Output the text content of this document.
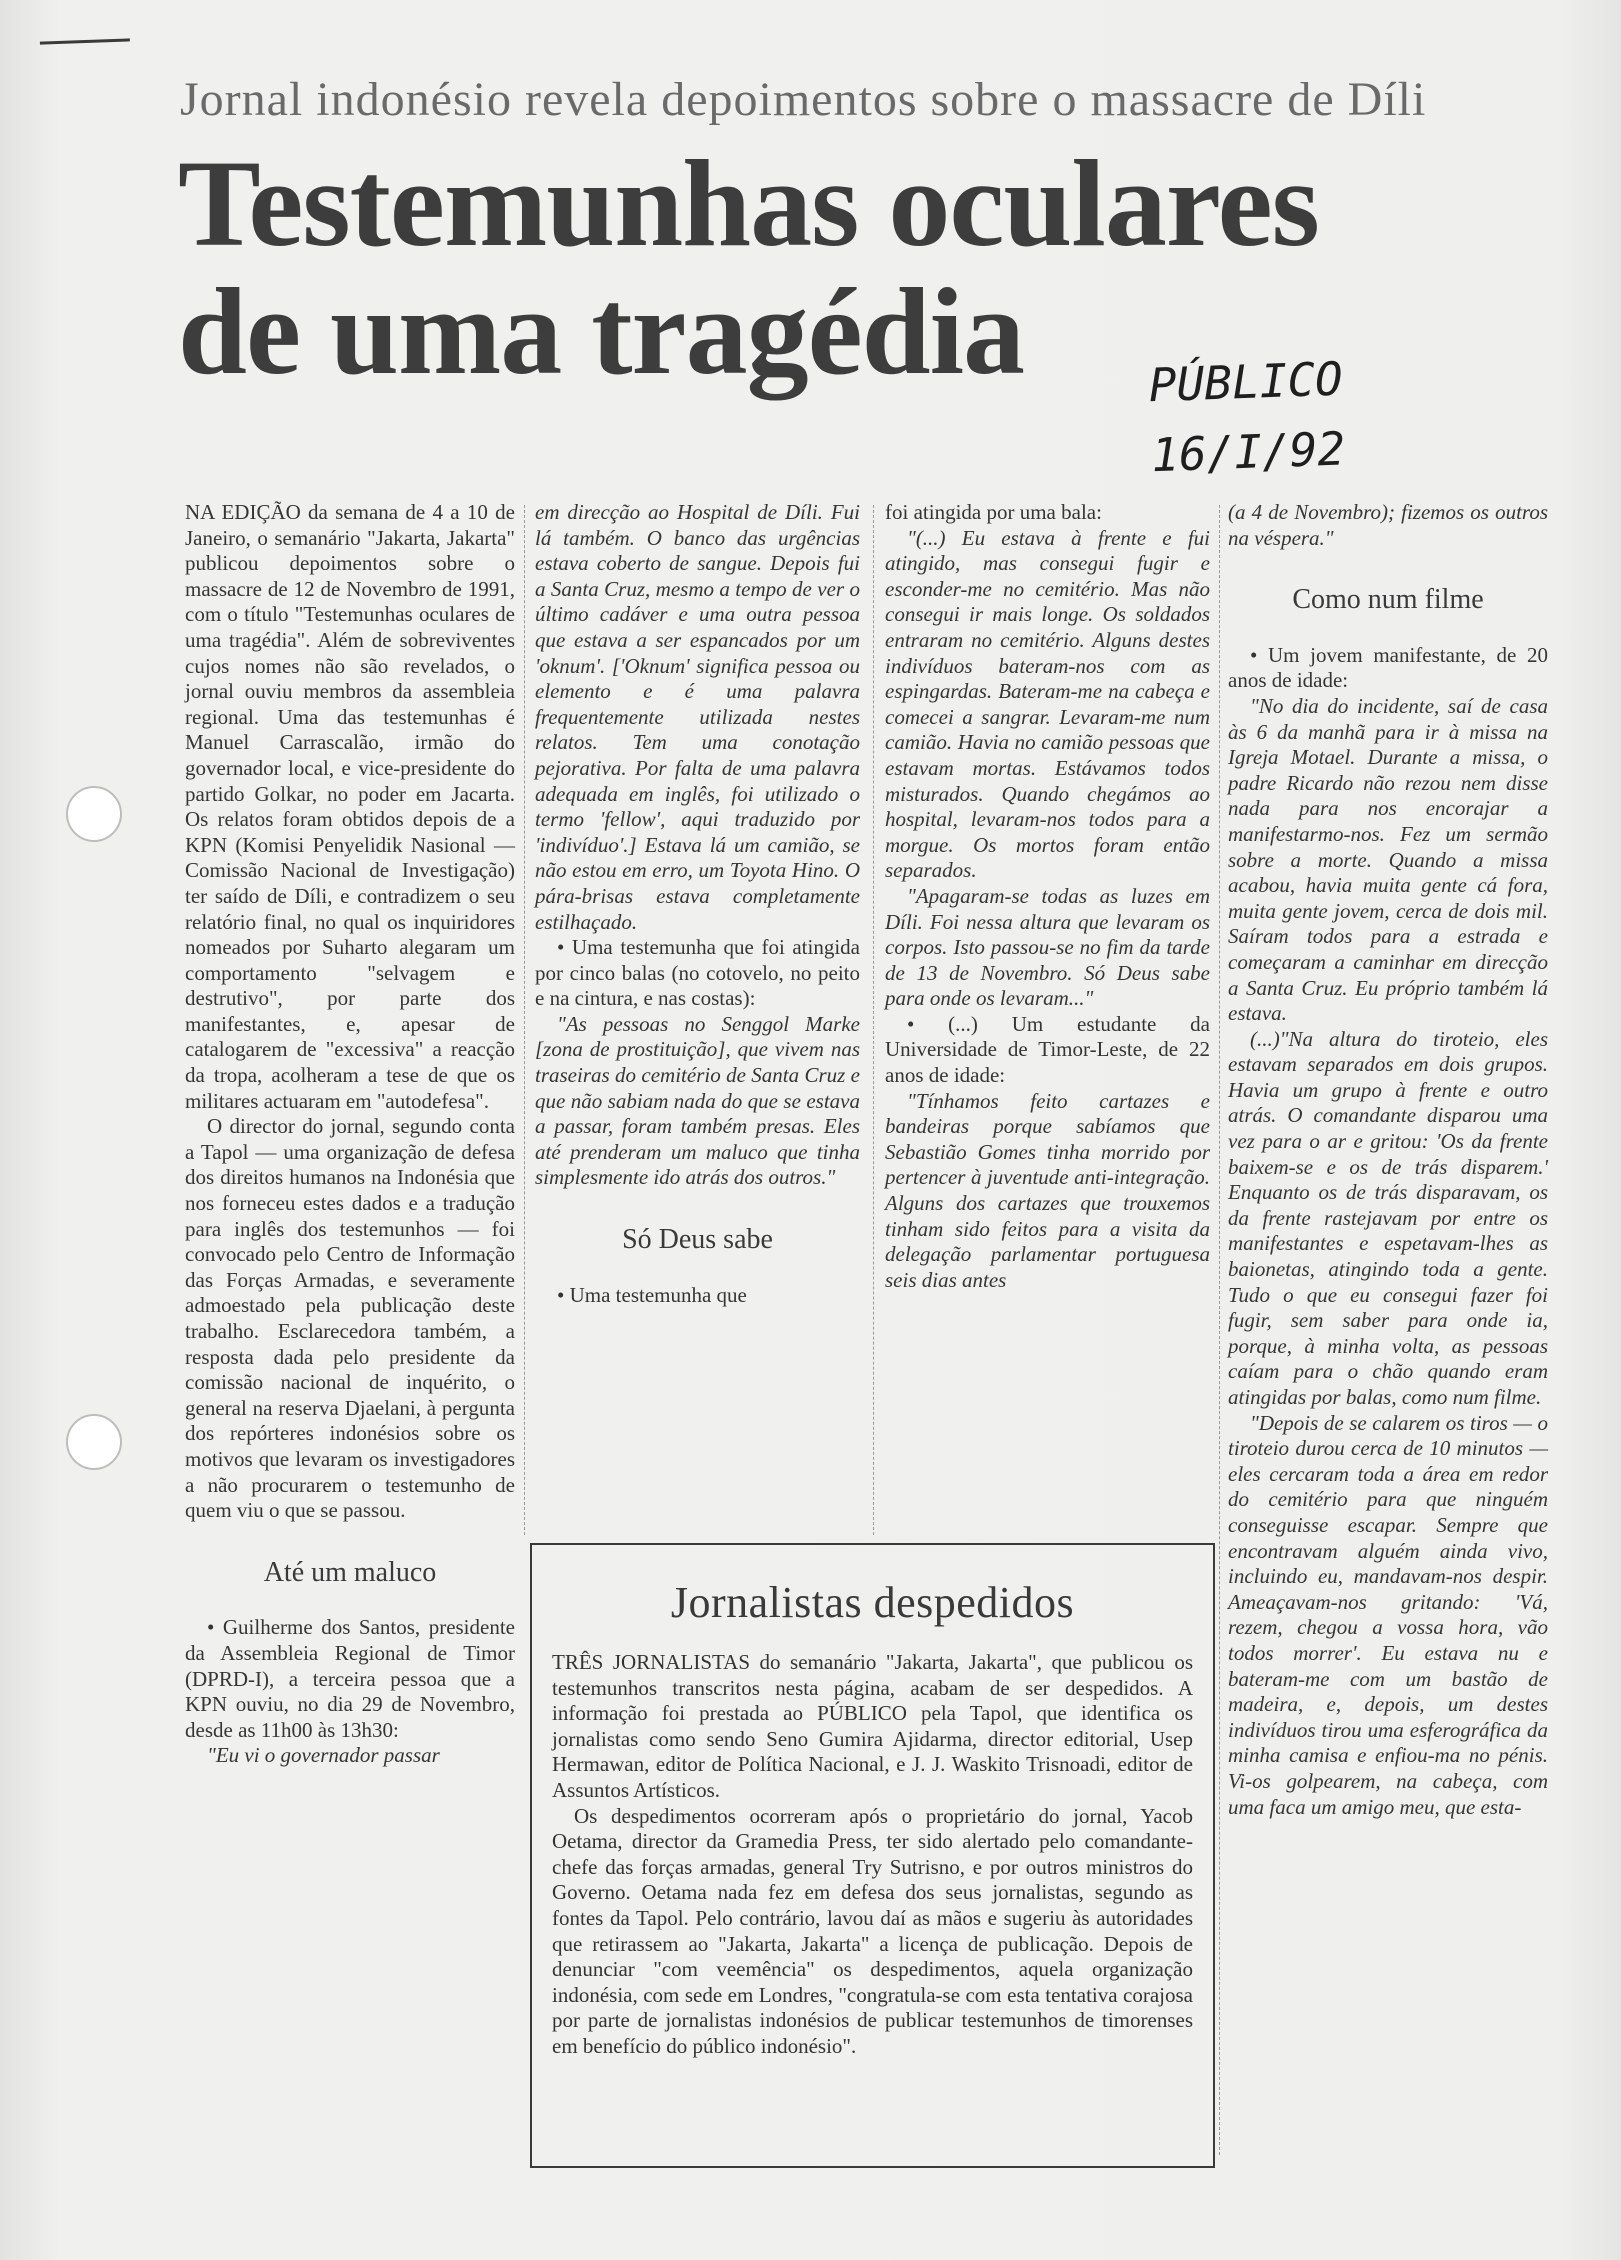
Jornal indonésio revela depoimentos sobre o massacre de Díli
Testemunhas oculares
de uma tragédia	PÚBLICO
16/I/92

NA EDIÇÃO da semana de 4 a 10 de Janeiro, o semanário "Jakarta, Jakarta" publicou depoimentos sobre o massacre de 12 de Novembro de 1991, com o título "Testemunhas oculares de uma tragédia". Além de sobreviventes cujos nomes não são revelados, o jornal ouviu membros da assembleia regional. Uma das testemunhas é Manuel Carrascalão, irmão do governador local, e vice-presidente do partido Golkar, no poder em Jacarta. Os relatos foram obtidos depois de a KPN (Komisi Penyelidik Nasional — Comissão Nacional de Investigação) ter saído de Díli, e contradizem o seu relatório final, no qual os inquiridores nomeados por Suharto alegaram um comportamento "selvagem e destrutivo", por parte dos manifestantes, e, apesar de catalogarem de "excessiva" a reacção da tropa, acolheram a tese de que os militares actuaram em "autodefesa".

O director do jornal, segundo conta a Tapol — uma organização de defesa dos direitos humanos na Indonésia que nos forneceu estes dados e a tradução para inglês dos testemunhos — foi convocado pelo Centro de Informação das Forças Armadas, e severamente admoestado pela publicação deste trabalho. Esclarecedora também, a resposta dada pelo presidente da comissão nacional de inquérito, o general na reserva Djaelani, à pergunta dos repórteres indonésios sobre os motivos que levaram os investigadores a não procurarem o testemunho de quem viu o que se passou.

Até um maluco

• Guilherme dos Santos, presidente da Assembleia Regional de Timor (DPRD-I), a terceira pessoa que a KPN ouviu, no dia 29 de Novembro, desde as 11h00 às 13h30:

"Eu vi o governador passar

em direcção ao Hospital de Díli. Fui lá também. O banco das urgências estava coberto de sangue. Depois fui a Santa Cruz, mesmo a tempo de ver o último cadáver e uma outra pessoa que estava a ser espancados por um 'oknum'. ['Oknum' significa pessoa ou elemento e é uma palavra frequentemente utilizada nestes relatos. Tem uma conotação pejorativa. Por falta de uma palavra adequada em inglês, foi utilizado o termo 'fellow', aqui traduzido por 'indivíduo'.] Estava lá um camião, se não estou em erro, um Toyota Hino. O pára-brisas estava completamente estilhaçado.

• Uma testemunha que foi atingida por cinco balas (no cotovelo, no peito e na cintura, e nas costas):

"As pessoas no Senggol Marke [zona de prostituição], que vivem nas traseiras do cemitério de Santa Cruz e que não sabiam nada do que se estava a passar, foram também presas. Eles até prenderam um maluco que tinha simplesmente ido atrás dos outros."

Só Deus sabe

• Uma testemunha que

foi atingida por uma bala:

"(...) Eu estava à frente e fui atingido, mas consegui fugir e esconder-me no cemitério. Mas não consegui ir mais longe. Os soldados entraram no cemitério. Alguns destes indivíduos bateram-nos com as espingardas. Bateram-me na cabeça e comecei a sangrar. Levaram-me num camião. Havia no camião pessoas que estavam mortas. Estávamos todos misturados. Quando chegámos ao hospital, levaram-nos todos para a morgue. Os mortos foram então separados.

"Apagaram-se todas as luzes em Díli. Foi nessa altura que levaram os corpos. Isto passou-se no fim da tarde de 13 de Novembro. Só Deus sabe para onde os levaram..."

• (...) Um estudante da Universidade de Timor-Leste, de 22 anos de idade:

"Tínhamos feito cartazes e bandeiras porque sabíamos que Sebastião Gomes tinha morrido por pertencer à juventude anti-integração. Alguns dos cartazes que trouxemos tinham sido feitos para a visita da delegação parlamentar portuguesa seis dias antes

(a 4 de Novembro); fizemos os outros na véspera."

Como num filme

• Um jovem manifestante, de 20 anos de idade:

"No dia do incidente, saí de casa às 6 da manhã para ir à missa na Igreja Motael. Durante a missa, o padre Ricardo não rezou nem disse nada para nos encorajar a manifestarmo-nos. Fez um sermão sobre a morte. Quando a missa acabou, havia muita gente cá fora, muita gente jovem, cerca de dois mil. Saíram todos para a estrada e começaram a caminhar em direcção a Santa Cruz. Eu próprio também lá estava.

(...)"Na altura do tiroteio, eles estavam separados em dois grupos. Havia um grupo à frente e outro atrás. O comandante disparou uma vez para o ar e gritou: 'Os da frente baixem-se e os de trás disparem.' Enquanto os de trás disparavam, os da frente rastejavam por entre os manifestantes e espetavam-lhes as baionetas, atingindo toda a gente. Tudo o que eu consegui fazer foi fugir, sem saber para onde ia, porque, à minha volta, as pessoas caíam para o chão quando eram atingidas por balas, como num filme.

"Depois de se calarem os tiros — o tiroteio durou cerca de 10 minutos — eles cercaram toda a área em redor do cemitério para que ninguém conseguisse escapar. Sempre que encontravam alguém ainda vivo, incluindo eu, mandavam-nos despir. Ameaçavam-nos gritando: 'Vá, rezem, chegou a vossa hora, vão todos morrer'. Eu estava nu e bateram-me com um bastão de madeira, e, depois, um destes indivíduos tirou uma esferográfica da minha camisa e enfiou-ma no pénis. Vi-os golpearem, na cabeça, com uma faca um amigo meu, que esta-

Jornalistas despedidos

TRÊS JORNALISTAS do semanário "Jakarta, Jakarta", que publicou os testemunhos transcritos nesta página, acabam de ser despedidos. A informação foi prestada ao PÚBLICO pela Tapol, que identifica os jornalistas como sendo Seno Gumira Ajidarma, director editorial, Usep Hermawan, editor de Política Nacional, e J. J. Waskito Trisnoadi, editor de Assuntos Artísticos.

Os despedimentos ocorreram após o proprietário do jornal, Yacob Oetama, director da Gramedia Press, ter sido alertado pelo comandante-chefe das forças armadas, general Try Sutrisno, e por outros ministros do Governo. Oetama nada fez em defesa dos seus jornalistas, segundo as fontes da Tapol. Pelo contrário, lavou daí as mãos e sugeriu às autoridades que retirassem ao "Jakarta, Jakarta" a licença de publicação. Depois de denunciar "com veemência" os despedimentos, aquela organização indonésia, com sede em Londres, "congratula-se com esta tentativa corajosa por parte de jornalistas indonésios de publicar testemunhos de timorenses em benefício do público indonésio".
